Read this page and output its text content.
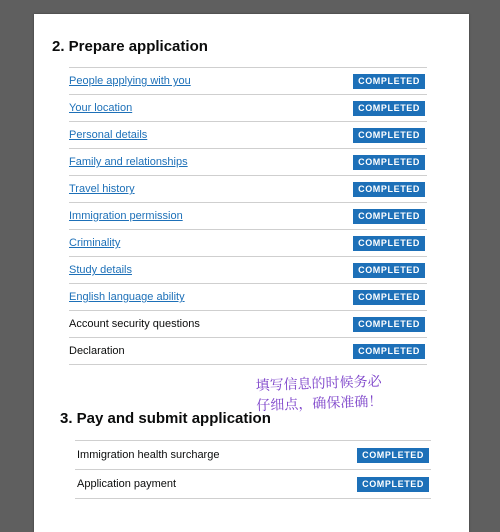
2. Prepare application
People applying with you	COMPLETED
Your location	COMPLETED
Personal details	COMPLETED
Family and relationships	COMPLETED
Travel history	COMPLETED
Immigration permission	COMPLETED
Criminality	COMPLETED
Study details	COMPLETED
English language ability	COMPLETED
Account security questions	COMPLETED
Declaration	COMPLETED
3. Pay and submit application
Immigration health surcharge	COMPLETED
Application payment	COMPLETED
填写信息的时候务必
仔细点，确保准确！
